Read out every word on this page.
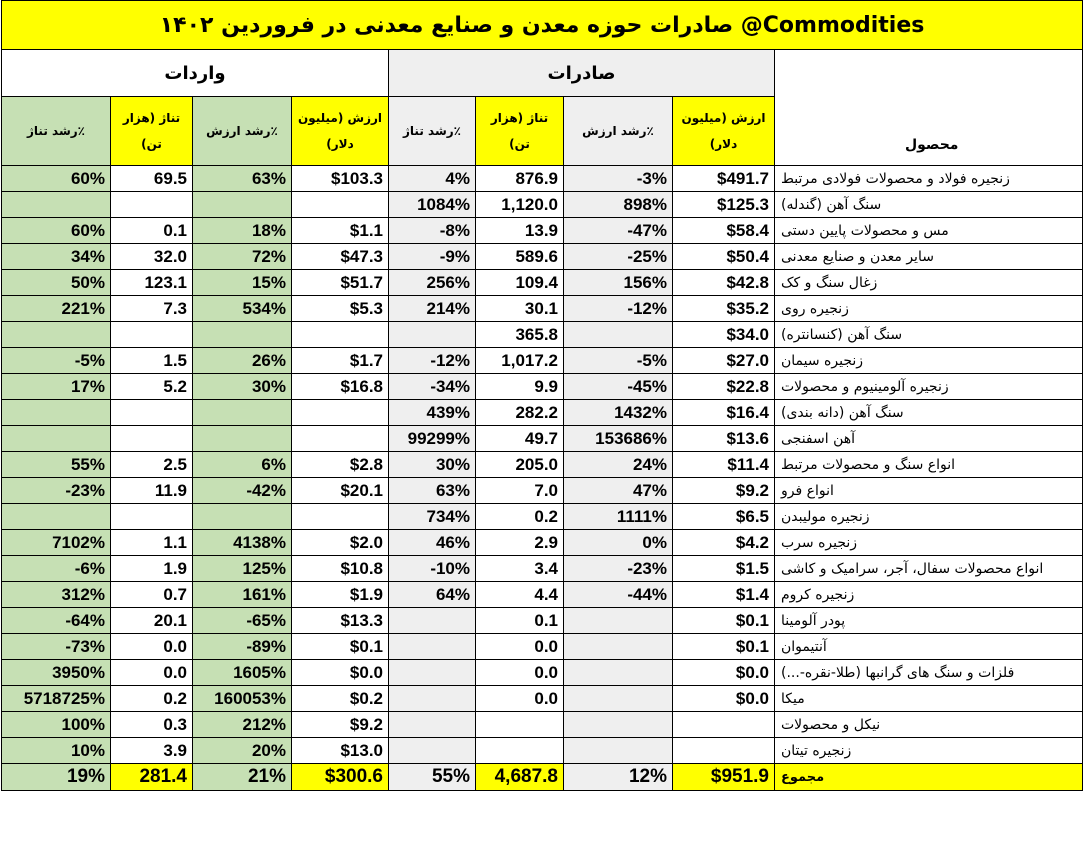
صادرات حوزه معدن و صنایع معدنی در فروردین ۱۴۰۲ @Commodities								
واردات				صادرات				محصول
رشد تناژ٪	تناژ (هزار تن)	رشد ارزش٪	ارزش (میلیون دلار)	رشد تناژ٪	تناژ (هزار تن)	رشد ارزش٪	ارزش (میلیون دلار)	
60%	69.5	63%	$103.3	4%	876.9	-3%	$491.7	زنجیره فولاد و محصولات فولادی مرتبط
				1084%	1,120.0	898%	$125.3	سنگ آهن (گندله)
60%	0.1	18%	$1.1	-8%	13.9	-47%	$58.4	مس و محصولات پایین دستی
34%	32.0	72%	$47.3	-9%	589.6	-25%	$50.4	سایر معدن و صنایع معدنی
50%	123.1	15%	$51.7	256%	109.4	156%	$42.8	زغال سنگ و کک
221%	7.3	534%	$5.3	214%	30.1	-12%	$35.2	زنجیره روی
					365.8		$34.0	سنگ آهن (کنسانتره)
-5%	1.5	26%	$1.7	-12%	1,017.2	-5%	$27.0	زنجیره سیمان
17%	5.2	30%	$16.8	-34%	9.9	-45%	$22.8	زنجیره آلومینیوم و محصولات
				439%	282.2	1432%	$16.4	سنگ آهن (دانه بندی)
				99299%	49.7	153686%	$13.6	آهن اسفنجی
55%	2.5	6%	$2.8	30%	205.0	24%	$11.4	انواع سنگ و محصولات مرتبط
-23%	11.9	-42%	$20.1	63%	7.0	47%	$9.2	انواع فرو
				734%	0.2	1111%	$6.5	زنجیره مولیبدن
7102%	1.1	4138%	$2.0	46%	2.9	0%	$4.2	زنجیره سرب
-6%	1.9	125%	$10.8	-10%	3.4	-23%	$1.5	انواع محصولات سفال، آجر، سرامیک و کاشی
312%	0.7	161%	$1.9	64%	4.4	-44%	$1.4	زنجیره کروم
-64%	20.1	-65%	$13.3		0.1		$0.1	پودر آلومینا
-73%	0.0	-89%	$0.1		0.0		$0.1	آنتیموان
3950%	0.0	1605%	$0.0		0.0		$0.0	فلزات و سنگ های گرانبها (طلا-نقره-...)
5718725%	0.2	160053%	$0.2		0.0		$0.0	میکا
100%	0.3	212%	$9.2					نیکل و محصولات
10%	3.9	20%	$13.0					زنجیره تیتان
19%	281.4	21%	$300.6	55%	4,687.8	12%	$951.9	مجموع
